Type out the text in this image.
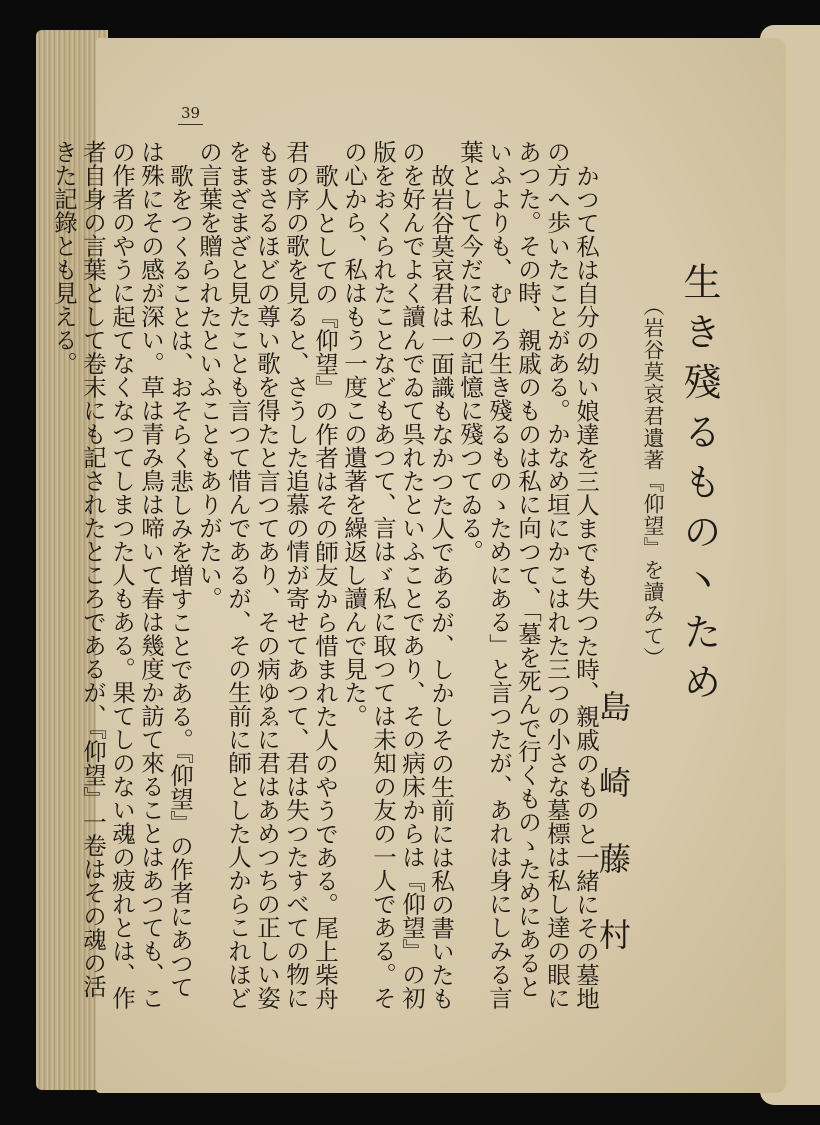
39
生き殘るもの丶ため
（岩谷莫哀君遺著『仰望』を讀みて）
島崎藤村

かつて私は自分の幼い娘達を三人までも失つた時、親戚のものと一緒にその墓地の方へ歩いたことがある。かなめ垣にかこはれた三つの小さな墓標は私し達の眼にあつた。その時、親戚のものは私に向つて、「墓を死んで行くものゝためにあるといふよりも、むしろ生き殘るものゝためにある」と言つたが、あれは身にしみる言葉として今だに私の記憶に殘つてゐる。

故岩谷莫哀君は一面識もなかつた人であるが、しかしその生前には私の書いたものを好んでよく讀んでゐて呉れたといふことであり、その病床からは『仰望』の初版をおくられたことなどもあつて、言はゞ私に取つては未知の友の一人である。その心から、私はもう一度この遺著を繰返し讀んで見た。

歌人としての『仰望』の作者はその師友から惜まれた人のやうである。尾上柴舟君の序の歌を見ると、さうした追慕の情が寄せてあつて、君は失つたすべての物にもまさるほどの尊い歌を得たと言つてあり、その病ゆゑに君はあめつちの正しい姿をまざまざと見たことも言つて惜んであるが、その生前に師とした人からこれほどの言葉を贈られたといふこともありがたい。

歌をつくることは、おそらく悲しみを増すことである。『仰望』の作者にあつては殊にその感が深い。草は青み鳥は啼いて春は幾度か訪て來ることはあつても、この作者のやうに起てなくなつてしまつた人もある。果てしのない魂の疲れとは、作者自身の言葉として卷末にも記されたところであるが、『仰望』一卷はその魂の活きた記錄とも見える。
